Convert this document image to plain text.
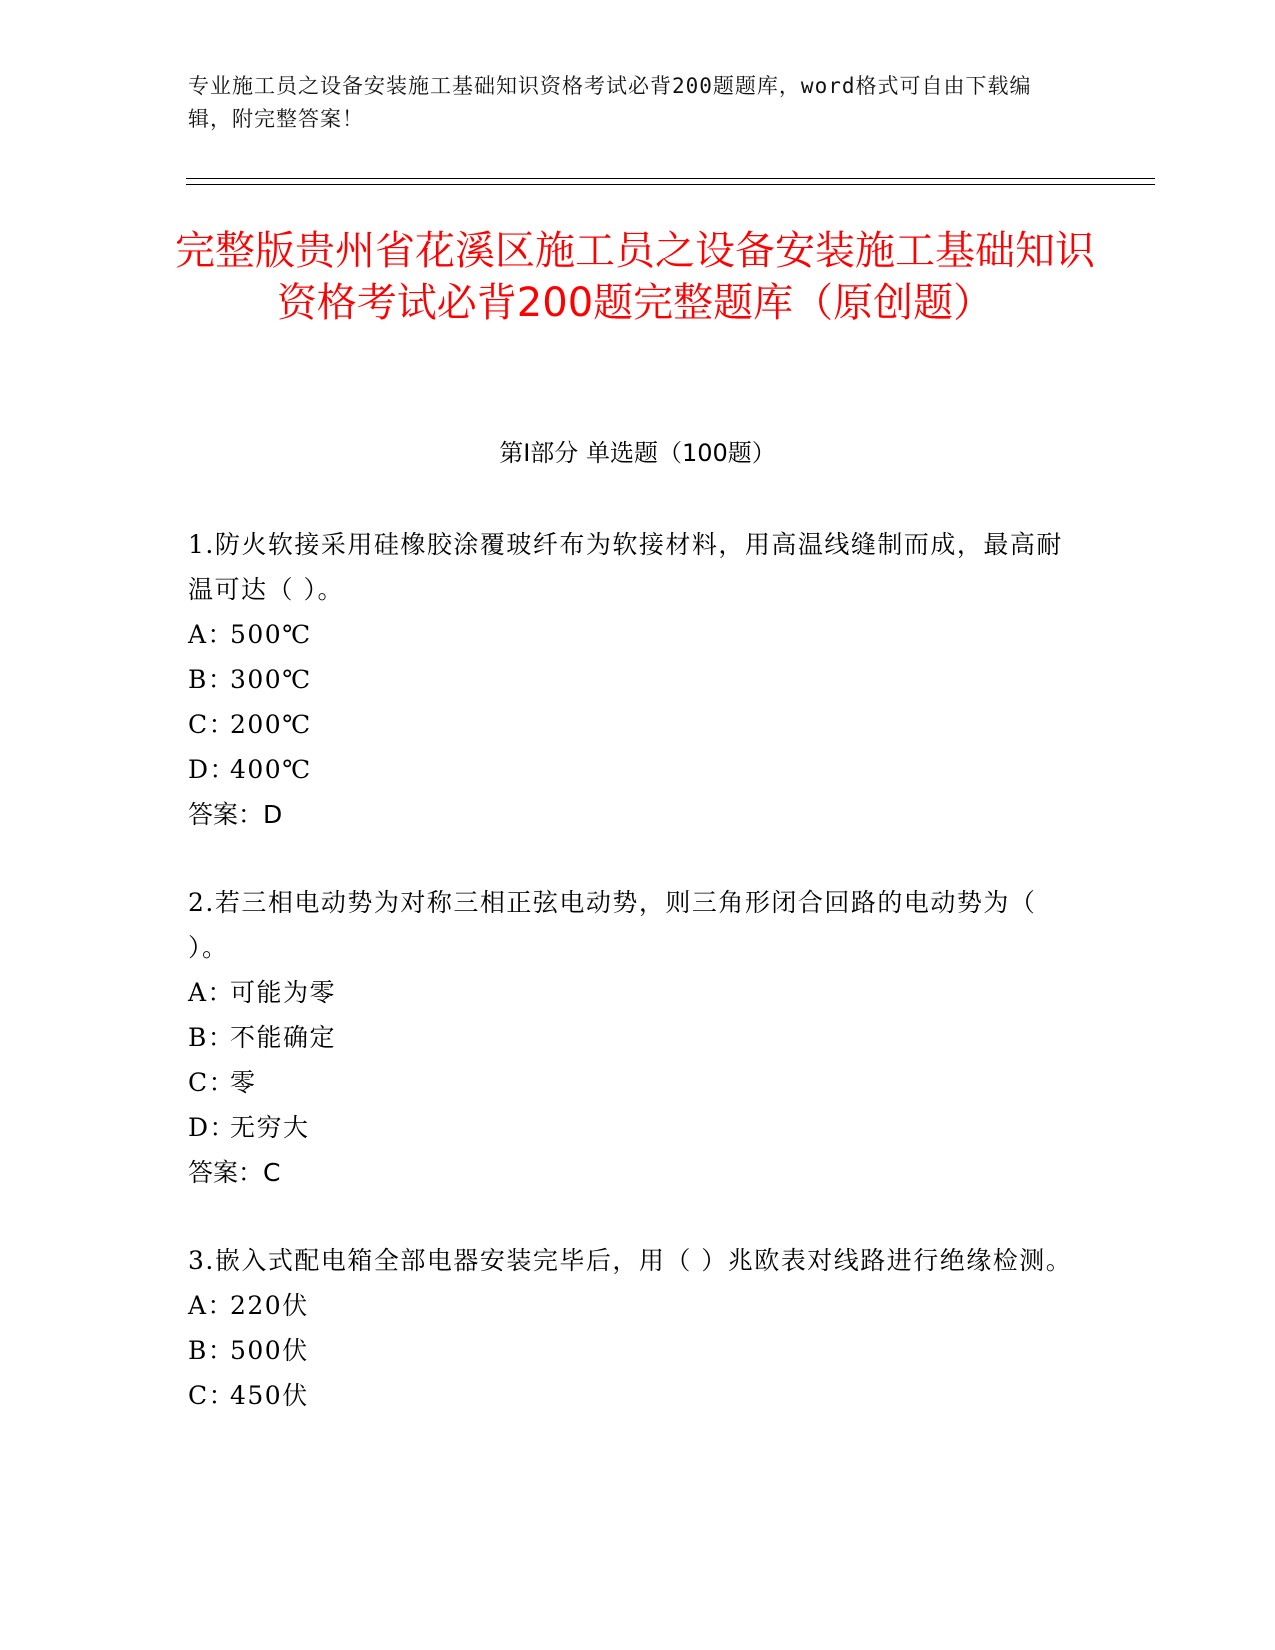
专业施工员之设备安装施工基础知识资格考试必背200题题库，word格式可自由下载编辑，附完整答案！
完整版贵州省花溪区施工员之设备安装施工基础知识资格考试必背200题完整题库（原创题）
第Ⅰ部分 单选题（100题）

1.防火软接采用硅橡胶涂覆玻纤布为软接材料，用高温线缝制而成，最高耐温可达（ ）。

A：500℃

B：300℃

C：200℃

D：400℃

答案：D

2.若三相电动势为对称三相正弦电动势，则三角形闭合回路的电动势为（ ）。

A：可能为零

B：不能确定

C：零

D：无穷大

答案：C

3.嵌入式配电箱全部电器安装完毕后，用（ ）兆欧表对线路进行绝缘检测。

A：220伏

B：500伏

C：450伏
